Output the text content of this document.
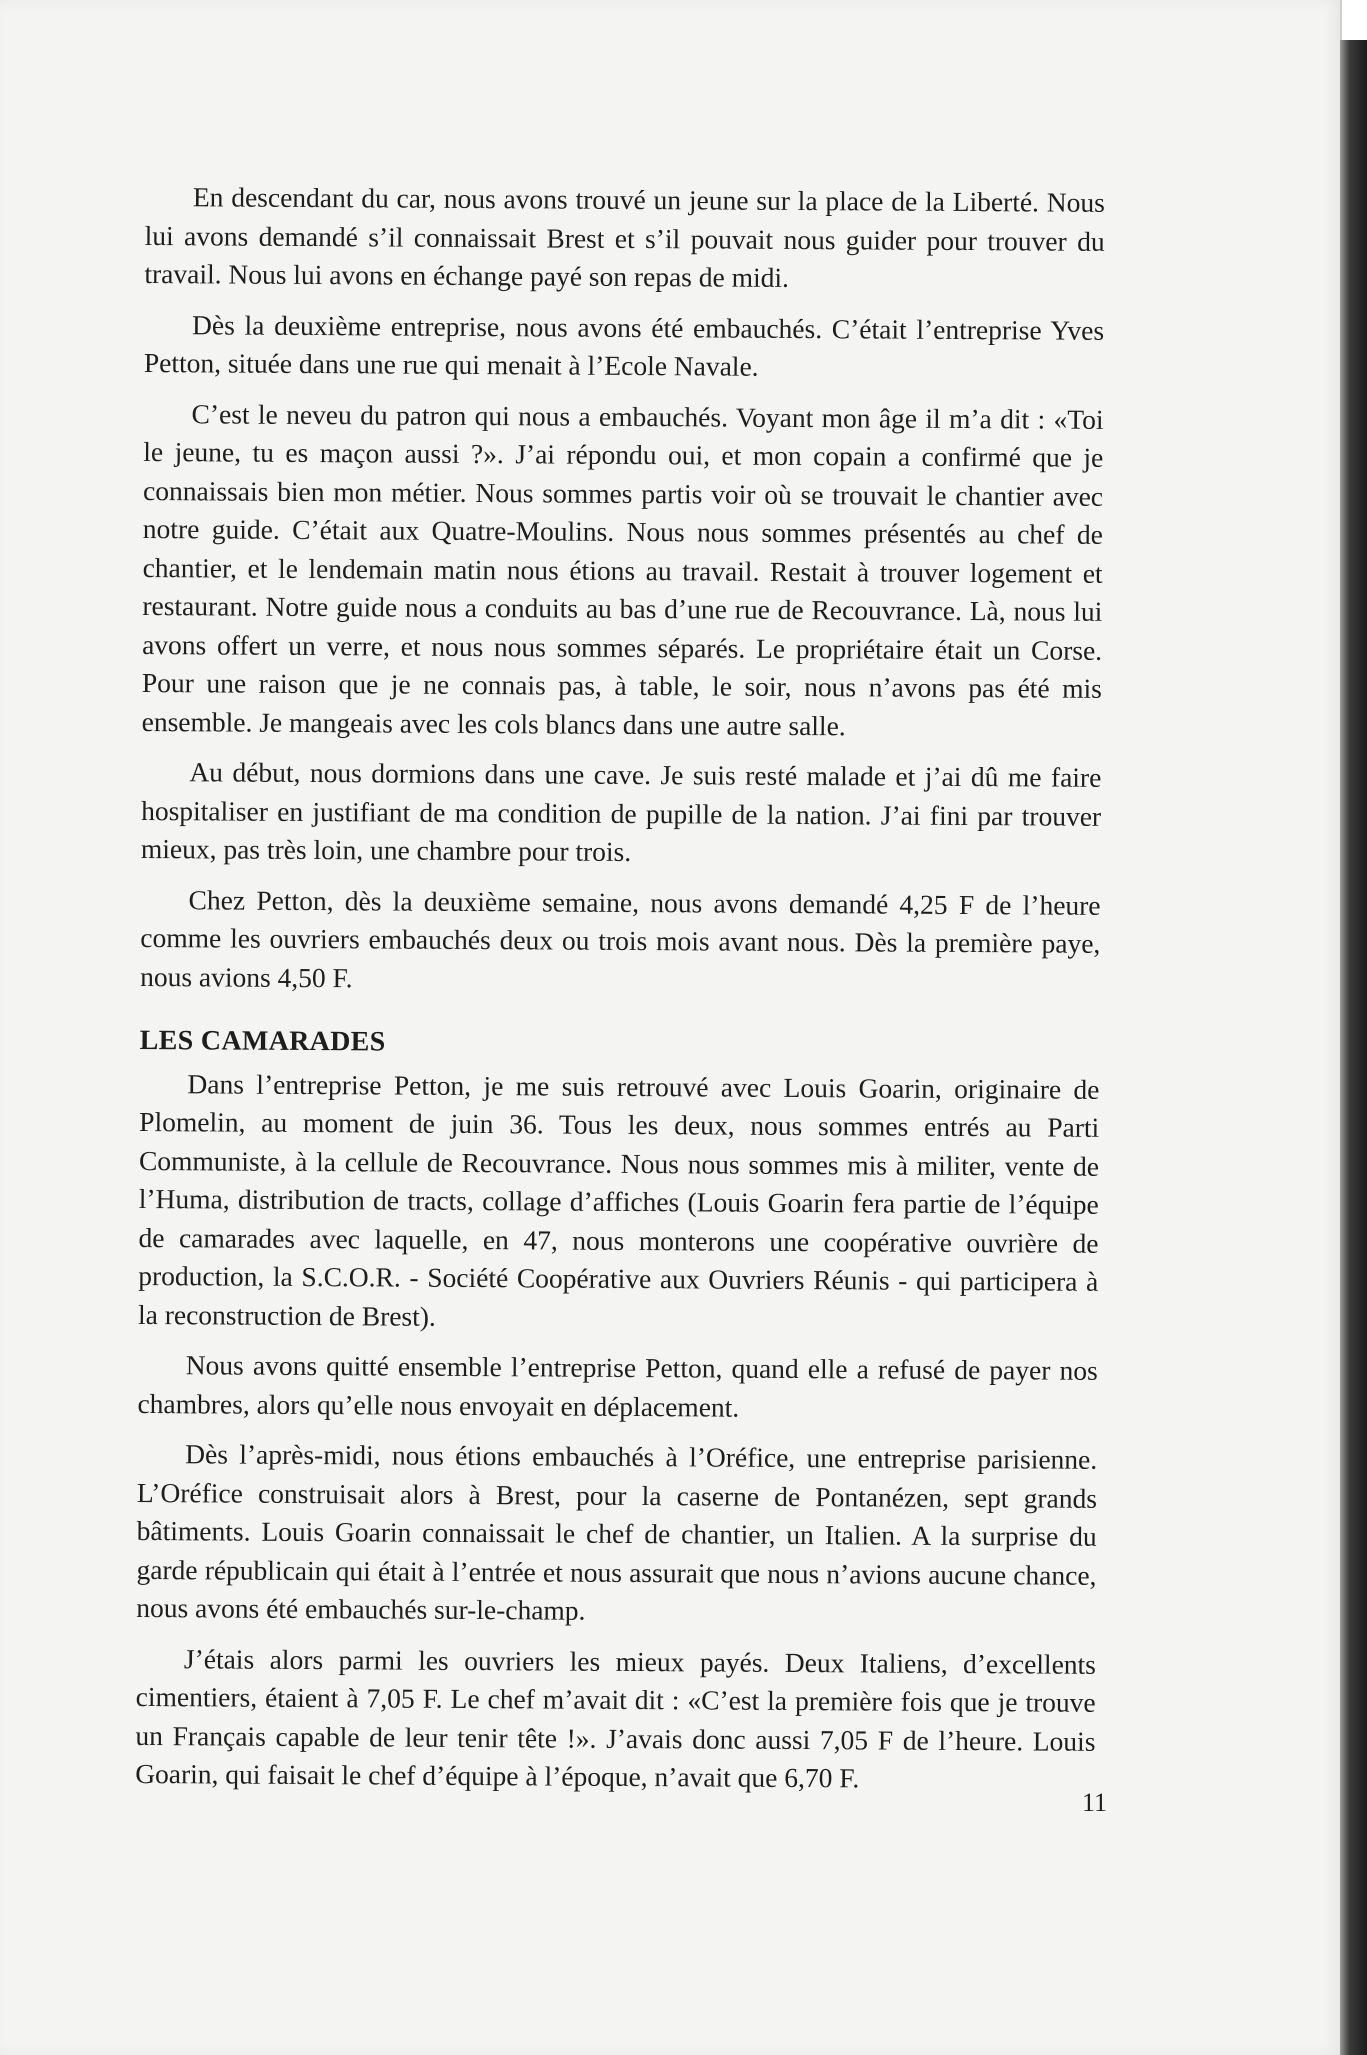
En descendant du car, nous avons trouvé un jeune sur la place de la Liberté. Nous lui avons demandé s’il connaissait Brest et s’il pouvait nous guider pour trouver du travail. Nous lui avons en échange payé son repas de midi.

Dès la deuxième entreprise, nous avons été embauchés. C’était l’entreprise Yves Petton, située dans une rue qui menait à l’Ecole Navale.

C’est le neveu du patron qui nous a embauchés. Voyant mon âge il m’a dit : «Toi le jeune, tu es maçon aussi ?». J’ai répondu oui, et mon copain a confirmé que je connaissais bien mon métier. Nous sommes partis voir où se trouvait le chantier avec notre guide. C’était aux Quatre-Moulins. Nous nous sommes présentés au chef de chantier, et le lendemain matin nous étions au travail. Restait à trouver logement et restaurant. Notre guide nous a conduits au bas d’une rue de Recouvrance. Là, nous lui avons offert un verre, et nous nous sommes séparés. Le propriétaire était un Corse. Pour une raison que je ne connais pas, à table, le soir, nous n’avons pas été mis ensemble. Je mangeais avec les cols blancs dans une autre salle.

Au début, nous dormions dans une cave. Je suis resté malade et j’ai dû me faire hospitaliser en justifiant de ma condition de pupille de la nation. J’ai fini par trouver mieux, pas très loin, une chambre pour trois.

Chez Petton, dès la deuxième semaine, nous avons demandé 4,25 F de l’heure comme les ouvriers embauchés deux ou trois mois avant nous. Dès la première paye, nous avions 4,50 F.

LES CAMARADES

Dans l’entreprise Petton, je me suis retrouvé avec Louis Goarin, originaire de Plomelin, au moment de juin 36. Tous les deux, nous sommes entrés au Parti Communiste, à la cellule de Recouvrance. Nous nous sommes mis à militer, vente de l’Huma, distribution de tracts, collage d’affiches (Louis Goarin fera partie de l’équipe de camarades avec laquelle, en 47, nous monterons une coopérative ouvrière de production, la S.C.O.R. - Société Coopérative aux Ouvriers Réunis - qui participera à la reconstruction de Brest).

Nous avons quitté ensemble l’entreprise Petton, quand elle a refusé de payer nos chambres, alors qu’elle nous envoyait en déplacement.

Dès l’après-midi, nous étions embauchés à l’Oréfice, une entreprise parisienne. L’Oréfice construisait alors à Brest, pour la caserne de Pontanézen, sept grands bâtiments. Louis Goarin connaissait le chef de chantier, un Italien. A la surprise du garde républicain qui était à l’entrée et nous assurait que nous n’avions aucune chance, nous avons été embauchés sur-le-champ.

J’étais alors parmi les ouvriers les mieux payés. Deux Italiens, d’excellents cimentiers, étaient à 7,05 F. Le chef m’avait dit : «C’est la première fois que je trouve un Français capable de leur tenir tête !». J’avais donc aussi 7,05 F de l’heure. Louis Goarin, qui faisait le chef d’équipe à l’époque, n’avait que 6,70 F.

11
